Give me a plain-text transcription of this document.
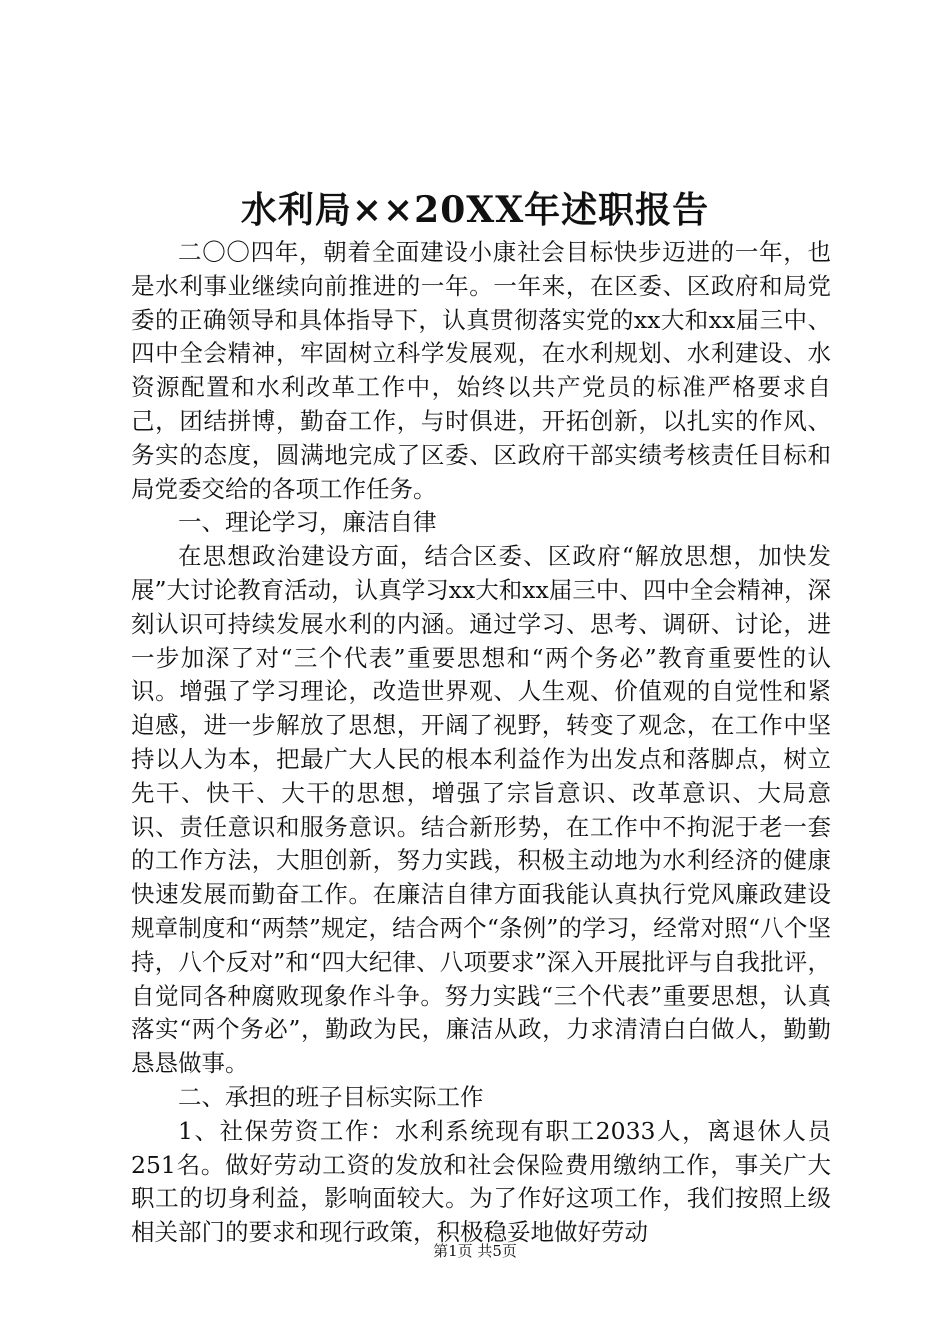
水利局××20XX年述职报告

二〇〇四年，朝着全面建设小康社会目标快步迈进的一年，也是水利事业继续向前推进的一年。一年来，在区委、区政府和局党委的正确领导和具体指导下，认真贯彻落实党的xx大和xx届三中、四中全会精神，牢固树立科学发展观，在水利规划、水利建设、水资源配置和水利改革工作中，始终以共产党员的标准严格要求自己，团结拼博，勤奋工作，与时俱进，开拓创新，以扎实的作风、务实的态度，圆满地完成了区委、区政府干部实绩考核责任目标和局党委交给的各项工作任务。

一、理论学习，廉洁自律

在思想政治建设方面，结合区委、区政府“解放思想，加快发展”大讨论教育活动，认真学习xx大和xx届三中、四中全会精神，深刻认识可持续发展水利的内涵。通过学习、思考、调研、讨论，进一步加深了对“三个代表”重要思想和“两个务必”教育重要性的认识。增强了学习理论，改造世界观、人生观、价值观的自觉性和紧迫感，进一步解放了思想，开阔了视野，转变了观念，在工作中坚持以人为本，把最广大人民的根本利益作为出发点和落脚点，树立先干、快干、大干的思想，增强了宗旨意识、改革意识、大局意识、责任意识和服务意识。结合新形势，在工作中不拘泥于老一套的工作方法，大胆创新，努力实践，积极主动地为水利经济的健康快速发展而勤奋工作。在廉洁自律方面我能认真执行党风廉政建设规章制度和“两禁”规定，结合两个“条例”的学习，经常对照“八个坚持，八个反对”和“四大纪律、八项要求”深入开展批评与自我批评，自觉同各种腐败现象作斗争。努力实践“三个代表”重要思想，认真落实“两个务必”，勤政为民，廉洁从政，力求清清白白做人，勤勤恳恳做事。

二、承担的班子目标实际工作

1、社保劳资工作：水利系统现有职工2033人，离退休人员251名。做好劳动工资的发放和社会保险费用缴纳工作，事关广大职工的切身利益，影响面较大。为了作好这项工作，我们按照上级相关部门的要求和现行政策，积极稳妥地做好劳动

第1页 共5页
